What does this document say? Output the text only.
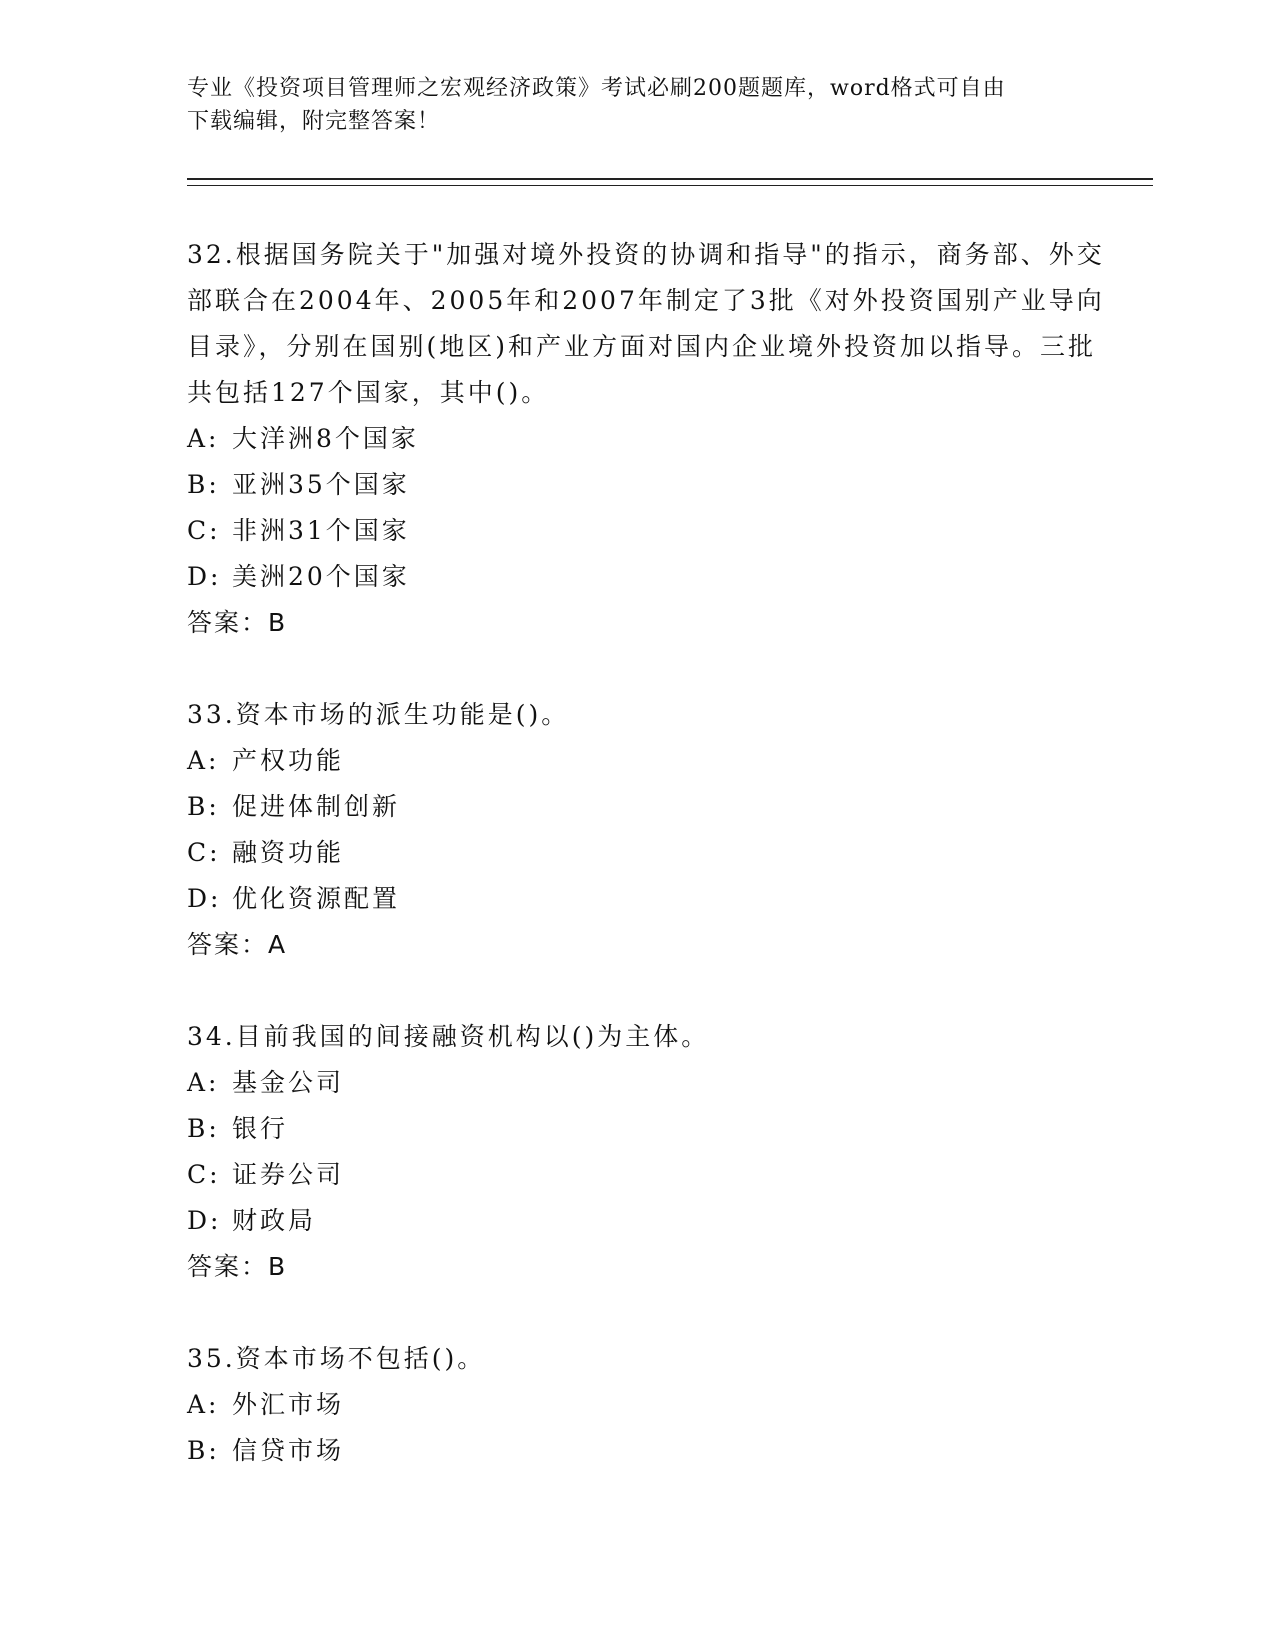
专业《投资项目管理师之宏观经济政策》考试必刷200题题库，word格式可自由
下载编辑，附完整答案！
32.根据国务院关于"加强对境外投资的协调和指导"的指示，商务部、外交部联合在2004年、2005年和2007年制定了3批《对外投资国别产业导向目录》，分别在国别(地区)和产业方面对国内企业境外投资加以指导。三批共包括127个国家，其中()。
A: 大洋洲8个国家
B: 亚洲35个国家
C: 非洲31个国家
D: 美洲20个国家
答案：B
33.资本市场的派生功能是()。
A: 产权功能
B: 促进体制创新
C: 融资功能
D: 优化资源配置
答案：A
34.目前我国的间接融资机构以()为主体。
A: 基金公司
B: 银行
C: 证券公司
D: 财政局
答案：B
35.资本市场不包括()。
A: 外汇市场
B: 信贷市场
